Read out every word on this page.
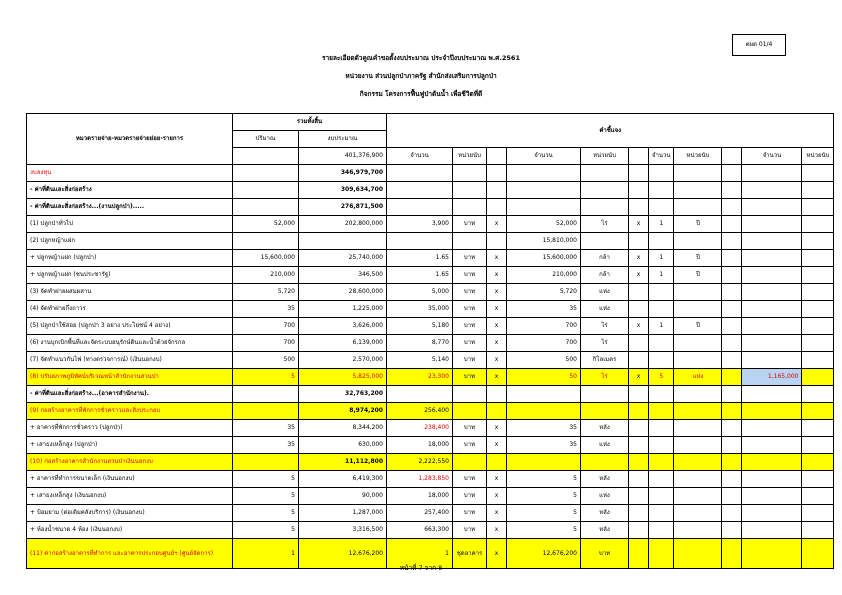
ตผต 01/4
รายละเอียดตัวคูณคำขอตั้งงบประมาณ ประจำปีงบประมาณ พ.ศ.2561
หน่วยงาน ส่วนปลูกป่าภาครัฐ สำนักส่งเสริมการปลูกป่า
กิจกรรม โครงการฟื้นฟูป่าต้นน้ำ เพื่อชีวิตที่ดี
หมวดรายจ่าย-หมวดรายจ่ายย่อย-รายการ	รวมทั้งสิ้น		คำชี้แจง										
	ปริมาณ	งบประมาณ											
		401,376,900	จำนวน	หน่วยนับ		จำนวน	หน่วยนับ		จำนวน	หน่วยนับ		จำนวน	หน่วยนับ
งบลงทุน		346,979,700											
- ค่าที่ดินและสิ่งก่อสร้าง		309,634,700											
- ค่าที่ดินและสิ่งก่อสร้าง...(งานปลูกป่า).....		276,871,500											
(1) ปลูกป่าทั่วไป	52,000	202,800,000	3,900	บาท	x	52,000	ไร่	x	1	ปี			
(2) ปลูกหญ้าแฝก						15,810,000							
+ ปลูกหญ้าแฝก (ปลูกป่า)	15,600,000	25,740,000	1.65	บาท	x	15,600,000	กล้า	x	1	ปี			
+ ปลูกหญ้าแฝก (ชนประชารัฐ)	210,000	346,500	1.65	บาท	x	210,000	กล้า	x	1	ปี			
(3) จัดทำฝายผสมผสาน	5,720	28,600,000	5,000	บาท	x	5,720	แห่ง						
(4) จัดทำฝายกึ่งถาวร	35	1,225,000	35,000	บาท	x	35	แห่ง						
(5) ปลูกป่าใช้สอย (ปลูกป่า 3 อย่าง ประโยชน์ 4 อย่าง)	700	3,626,000	5,180	บาท	x	700	ไร่	x	1	ปี			
(6) งานบุกเบิกพื้นที่และจัดระบบอนุรักษ์ดินและน้ำด้วยจักรกล	700	6,139,000	8,770	บาท	x	700	ไร่						
(7) จัดทำแนวกันไฟ (ทางตรวจการณ์) (เงินนอกงบ)	500	2,570,000	5,140	บาท	x	500	กิโลเมตร						
(8) ปรับสภาพภูมิทัศน์บริเวณหน้าสำนักงานสวนป่า	5	5,825,000	23,300	บาท	x	50	ไร่	x	5	แห่ง		1,165,000	
- ค่าที่ดินและสิ่งก่อสร้าง...(อาคารสำนักงาน).		32,763,200											
(9) ก่อสร้างอาคารที่พักการชั่วคราวและสิ่งประกอบ		8,974,200	256,400										
+ อาคารที่พักการชั่วคราว (ปลูกป่า)	35	8,344,200	238,400	บาท	x	35	หลัง						
+ เสาธงเหล็กสูง (ปลูกป่า)	35	630,000	18,000	บาท	x	35	แห่ง						
(10) ก่อสร้างอาคารสำนักงานสวนป่าเงินนอกงบ		11,112,800	2,222,550										
+ อาคารที่ทำการขนาดเล็ก (เงินนอกงบ)	5	6,419,300	1,283,850	บาท	x	5	หลัง						
+ เสาธงเหล็กสูง (เงินนอกงบ)	5	90,000	18,000	บาท	x	5	แห่ง						
+ ป้อมยาม (ต่อเติมคลังบริการ) (เงินนอกงบ)	5	1,287,000	257,400	บาท	x	5	หลัง						
+ ห้องน้ำชนาด 4 ห้อง (เงินนอกงบ)	5	3,316,500	663,300	บาท	x	5	หลัง						
(11) ค่าก่อสร้างอาคารที่ทำการ และอาคารประกอบศูนย์ฯ (ศูนย์จัดการ)	1	12,676,200	1	ชุดอาคาร	x	12,676,200	บาท						
หน้าที่ 7 จาก 8
